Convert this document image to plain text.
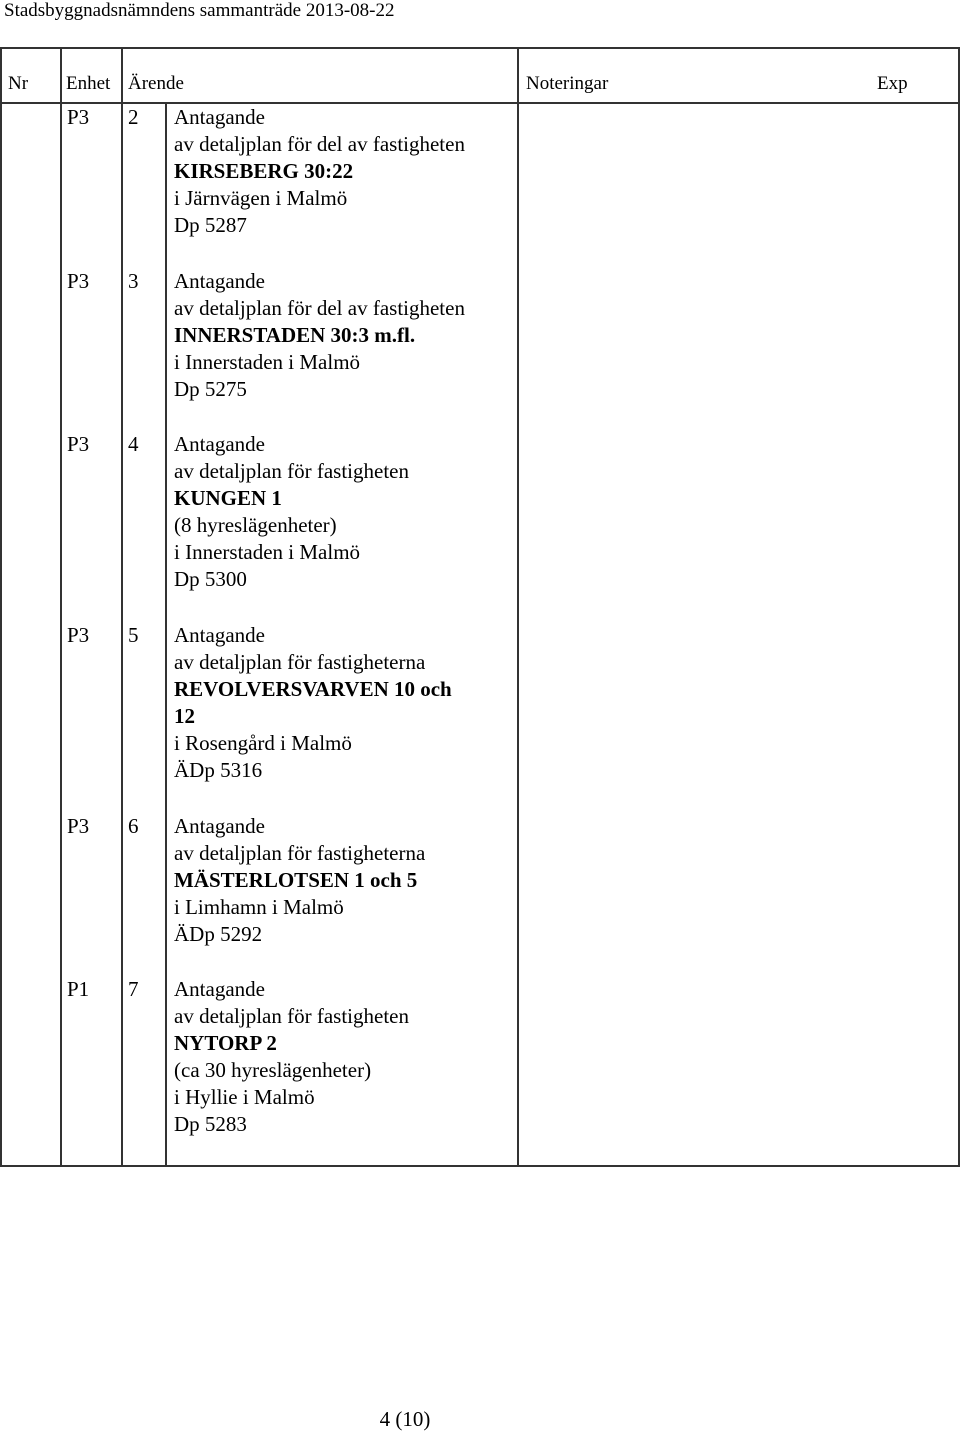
Stadsbyggnadsnämndens sammanträde 2013-08-22
Nr Enhet Ärende	Noteringar	Exp
P3 2 Antagande
av detaljplan för del av fastigheten
KIRSEBERG 30:22
i Järnvägen i Malmö
Dp 5287
P3 3 Antagande
av detaljplan för del av fastigheten
INNERSTADEN 30:3 m.fl.
i Innerstaden i Malmö
Dp 5275
P3 4 Antagande
av detaljplan för fastigheten
KUNGEN 1
(8 hyreslägenheter)
i Innerstaden i Malmö
Dp 5300
P3 5 Antagande
av detaljplan för fastigheterna
REVOLVERSVARVEN 10 och
12
i Rosengård i Malmö
ÄDp 5316
P3 6 Antagande
av detaljplan för fastigheterna
MÄSTERLOTSEN 1 och 5
i Limhamn i Malmö
ÄDp 5292
P1 7 Antagande
av detaljplan för fastigheten
NYTORP 2
(ca 30 hyreslägenheter)
i Hyllie i Malmö
Dp 5283
4 (10)
